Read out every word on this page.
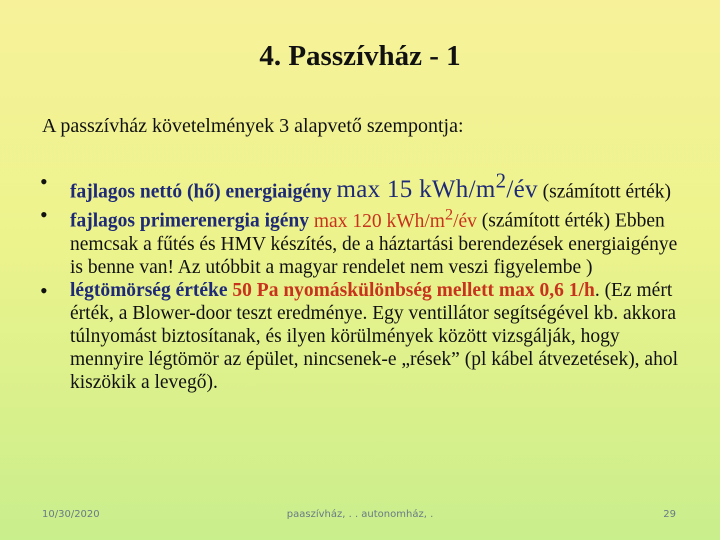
4. Passzívház - 1

A passzívház követelmények 3 alapvető szempontja:

• fajlagos nettó (hő) energiaigény max 15 kWh/$m^2/év$ (számított érték)
• fajlagos primerenergia igény max 120 kWh/$m^2/év$ (számított érték) Ebben nemcsak a fűtés és HMV készítés, de a háztartási berendezések energiaigénye is benne van! Az utóbbit a magyar rendelet nem veszi figyelembe )
• légtömörség értéke 50 Pa nyomáskülönbség mellett max 0,6 1/h. (Ez mért érték, a Blower-door teszt eredménye. Egy ventillátor segítségével kb. akkora túlnyomást biztosítanak, és ilyen körülmények között vizsgálják, hogy mennyire légtömör az épület, nincsenek-e „rések” (pl kábel átvezetések), ahol kiszökik a levegő).
10/30/2020	paaszívház, . . autonomház, .	29
